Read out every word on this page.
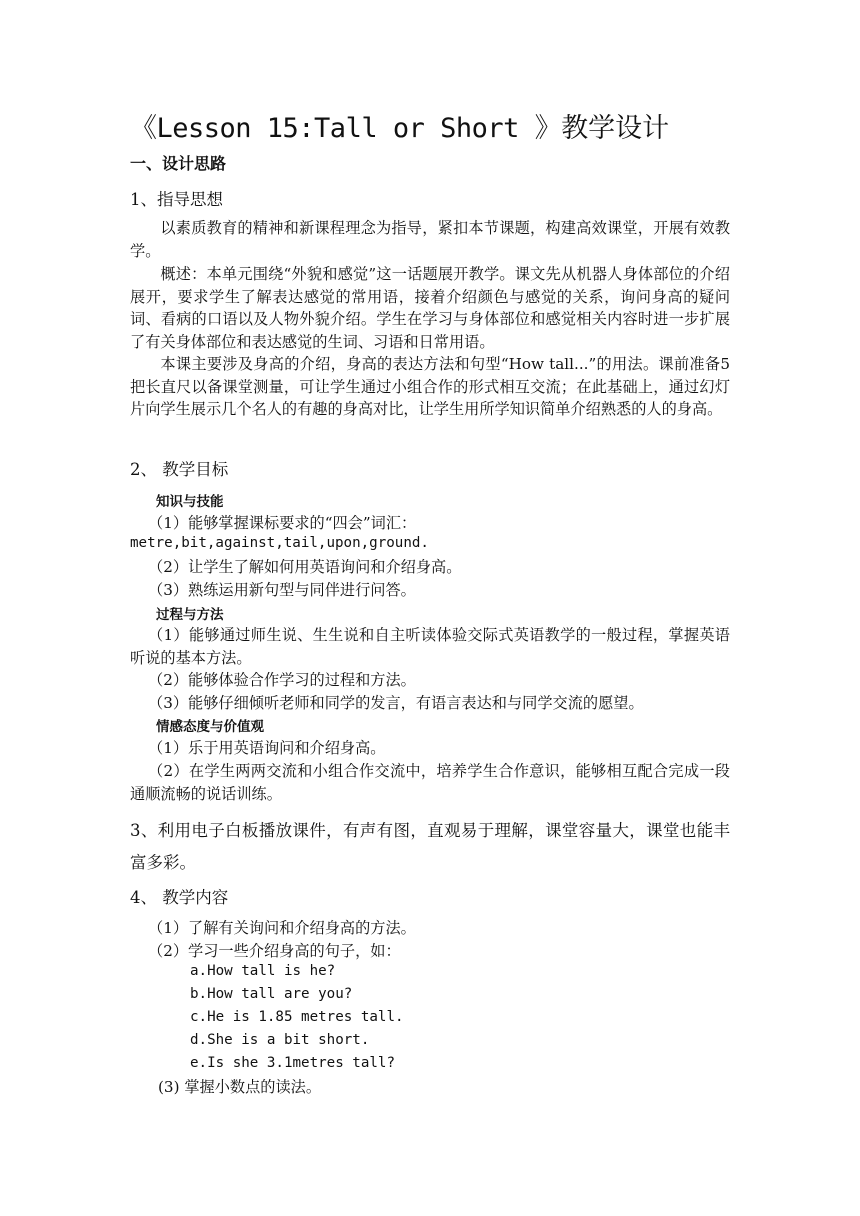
《Lesson 15:Tall or Short 》教学设计
一、设计思路
1、指导思想
以素质教育的精神和新课程理念为指导，紧扣本节课题，构建高效课堂，开展有效教学。
概述：本单元围绕“外貌和感觉”这一话题展开教学。课文先从机器人身体部位的介绍展开，要求学生了解表达感觉的常用语，接着介绍颜色与感觉的关系，询问身高的疑问词、看病的口语以及人物外貌介绍。学生在学习与身体部位和感觉相关内容时进一步扩展了有关身体部位和表达感觉的生词、习语和日常用语。
本课主要涉及身高的介绍，身高的表达方法和句型“How tall...”的用法。课前准备5把长直尺以备课堂测量，可让学生通过小组合作的形式相互交流；在此基础上，通过幻灯片向学生展示几个名人的有趣的身高对比，让学生用所学知识简单介绍熟悉的人的身高。
2、 教学目标
知识与技能
（1）能够掌握课标要求的“四会”词汇：
metre,bit,against,tail,upon,ground.
（2）让学生了解如何用英语询问和介绍身高。
（3）熟练运用新句型与同伴进行问答。
过程与方法
（1）能够通过师生说、生生说和自主听读体验交际式英语教学的一般过程，掌握英语听说的基本方法。
（2）能够体验合作学习的过程和方法。
（3）能够仔细倾听老师和同学的发言，有语言表达和与同学交流的愿望。
情感态度与价值观
（1）乐于用英语询问和介绍身高。
（2）在学生两两交流和小组合作交流中，培养学生合作意识，能够相互配合完成一段通顺流畅的说话训练。
3、利用电子白板播放课件，有声有图，直观易于理解，课堂容量大，课堂也能丰富多彩。
4、 教学内容
（1）了解有关询问和介绍身高的方法。
（2）学习一些介绍身高的句子，如：
a.How tall is he?
b.How tall are you?
c.He is 1.85 metres tall.
d.She is a bit short.
e.Is she 3.1metres tall?
(3) 掌握小数点的读法。
